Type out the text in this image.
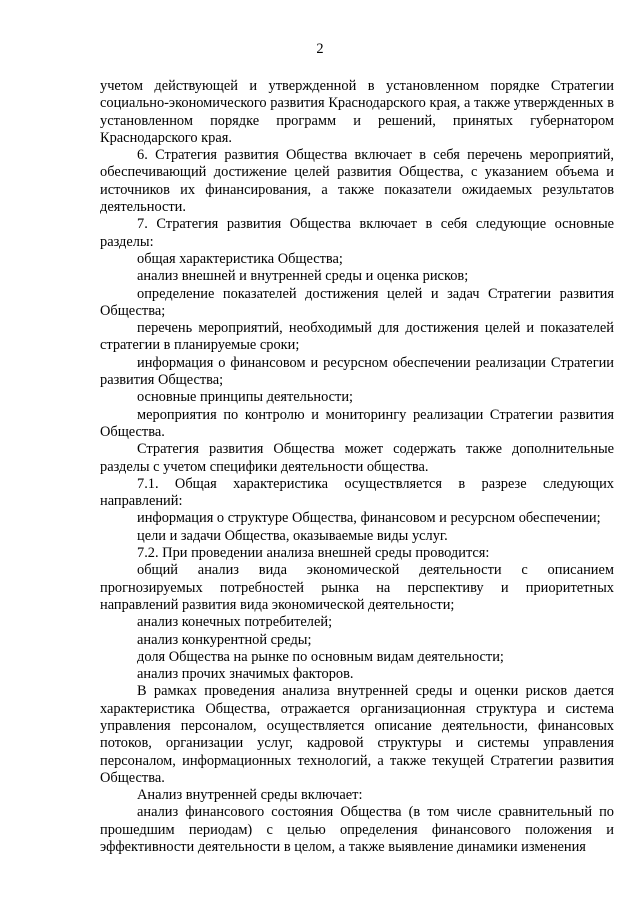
2

учетом действующей и утвержденной в установленном порядке Стратегии социально-экономического развития Краснодарского края, а также утвержденных в установленном порядке программ и решений, принятых губернатором Краснодарского края.

6. Стратегия развития Общества включает в себя перечень мероприятий, обеспечивающий достижение целей развития Общества, с указанием объема и источников их финансирования, а также показатели ожидаемых результатов деятельности.

7. Стратегия развития Общества включает в себя следующие основные разделы:

общая характеристика Общества;

анализ внешней и внутренней среды и оценка рисков;

определение показателей достижения целей и задач Стратегии развития Общества;

перечень мероприятий, необходимый для достижения целей и показателей стратегии в планируемые сроки;

информация о финансовом и ресурсном обеспечении реализации Стратегии развития Общества;

основные принципы деятельности;

мероприятия по контролю и мониторингу реализации Стратегии развития Общества.

Стратегия развития Общества может содержать также дополнительные разделы с учетом специфики деятельности общества.

7.1. Общая характеристика осуществляется в разрезе следующих направлений:

информация о структуре Общества, финансовом и ресурсном обеспечении;

цели и задачи Общества, оказываемые виды услуг.

7.2. При проведении анализа внешней среды проводится:

общий анализ вида экономической деятельности с описанием прогнозируемых потребностей рынка на перспективу и приоритетных направлений развития вида экономической деятельности;

анализ конечных потребителей;

анализ конкурентной среды;

доля Общества на рынке по основным видам деятельности;

анализ прочих значимых факторов.

В рамках проведения анализа внутренней среды и оценки рисков дается характеристика Общества, отражается организационная структура и система управления персоналом, осуществляется описание деятельности, финансовых потоков, организации услуг, кадровой структуры и системы управления персоналом, информационных технологий, а также текущей Стратегии развития Общества.

Анализ внутренней среды включает:

анализ финансового состояния Общества (в том числе сравнительный по прошедшим периодам) с целью определения финансового положения и эффективности деятельности в целом, а также выявление динамики изменения
